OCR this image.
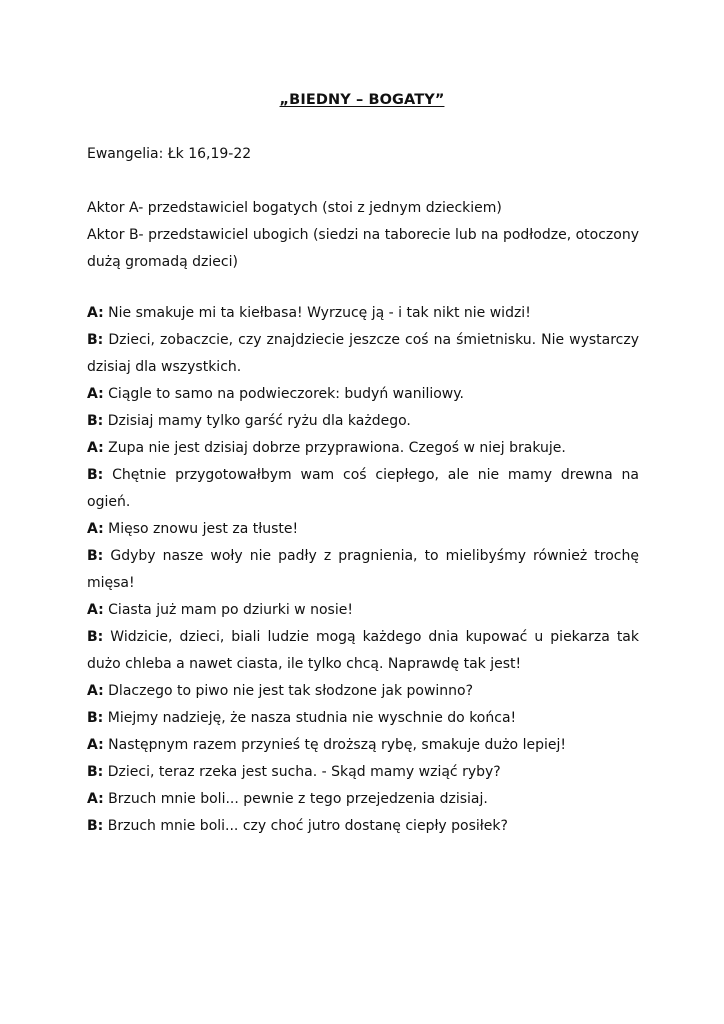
„BIEDNY – BOGATY”
Ewangelia: Łk 16,19-22

Aktor A- przedstawiciel bogatych (stoi z jednym dzieckiem)

Aktor B- przedstawiciel ubogich (siedzi na taborecie lub na podłodze, otoczony dużą gromadą dzieci)

A: Nie smakuje mi ta kiełbasa! Wyrzucę ją - i tak nikt nie widzi!

B: Dzieci, zobaczcie, czy znajdziecie jeszcze coś na śmietnisku. Nie wystarczy dzisiaj dla wszystkich.

A: Ciągle to samo na podwieczorek: budyń waniliowy.

B: Dzisiaj mamy tylko garść ryżu dla każdego.

A: Zupa nie jest dzisiaj dobrze przyprawiona. Czegoś w niej brakuje.

B: Chętnie przygotowałbym wam coś ciepłego, ale nie mamy drewna na ogień.

A: Mięso znowu jest za tłuste!

B: Gdyby nasze woły nie padły z pragnienia, to mielibyśmy również trochę mięsa!

A: Ciasta już mam po dziurki w nosie!

B: Widzicie, dzieci, biali ludzie mogą każdego dnia kupować u piekarza tak dużo chleba a nawet ciasta, ile tylko chcą. Naprawdę tak jest!

A: Dlaczego to piwo nie jest tak słodzone jak powinno?

B: Miejmy nadzieję, że nasza studnia nie wyschnie do końca!

A: Następnym razem przynieś tę droższą rybę, smakuje dużo lepiej!

B: Dzieci, teraz rzeka jest sucha. - Skąd mamy wziąć ryby?

A: Brzuch mnie boli... pewnie z tego przejedzenia dzisiaj.

B: Brzuch mnie boli... czy choć jutro dostanę ciepły posiłek?
